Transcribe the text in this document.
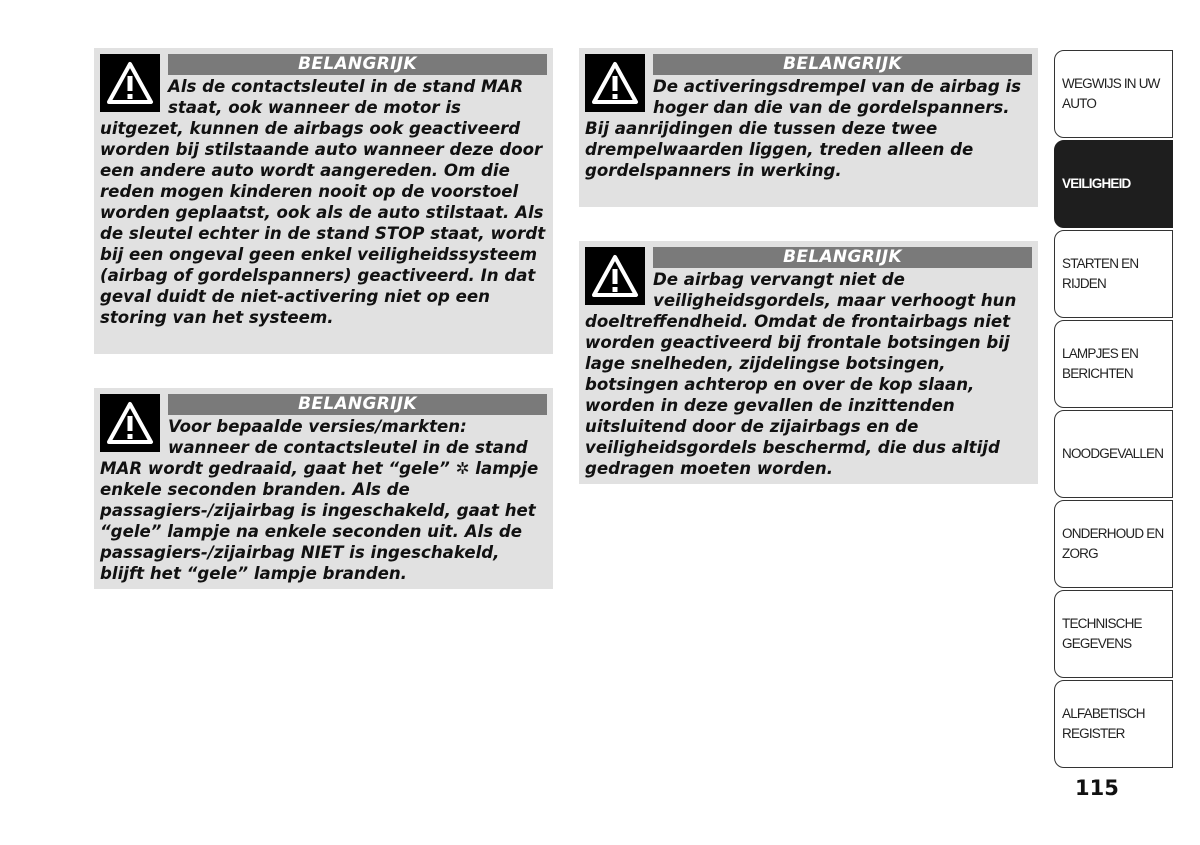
BELANGRIJK

Als de contactsleutel in de stand MAR staat, ook wanneer de motor is uitgezet, kunnen de airbags ook geactiveerd worden bij stilstaande auto wanneer deze door een andere auto wordt aangereden. Om die reden mogen kinderen nooit op de voorstoel worden geplaatst, ook als de auto stilstaat. Als de sleutel echter in de stand STOP staat, wordt bij een ongeval geen enkel veiligheidssysteem (airbag of gordelspanners) geactiveerd. In dat geval duidt de niet-activering niet op een storing van het systeem.

BELANGRIJK

Voor bepaalde versies/markten: wanneer de contactsleutel in de stand MAR wordt gedraaid, gaat het “gele” ✲ lampje enkele seconden branden. Als de passagiers-/zijairbag is ingeschakeld, gaat het “gele” lampje na enkele seconden uit. Als de passagiers-/zijairbag NIET is ingeschakeld, blijft het “gele” lampje branden.

BELANGRIJK

De activeringsdrempel van de airbag is hoger dan die van de gordelspanners. Bij aanrijdingen die tussen deze twee drempelwaarden liggen, treden alleen de gordelspanners in werking.

BELANGRIJK

De airbag vervangt niet de veiligheidsgordels, maar verhoogt hun doeltreffendheid. Omdat de frontairbags niet worden geactiveerd bij frontale botsingen bij lage snelheden, zijdelingse botsingen, botsingen achterop en over de kop slaan, worden in deze gevallen de inzittenden uitsluitend door de zijairbags en de veiligheidsgordels beschermd, die dus altijd gedragen moeten worden.

WEGWIJS IN UW
AUTO
VEILIGHEID
STARTEN EN RIJDEN
LAMPJES EN
BERICHTEN
NOODGEVALLEN
ONDERHOUD EN
ZORG
TECHNISCHE
GEGEVENS
ALFABETISCH
REGISTER
115
